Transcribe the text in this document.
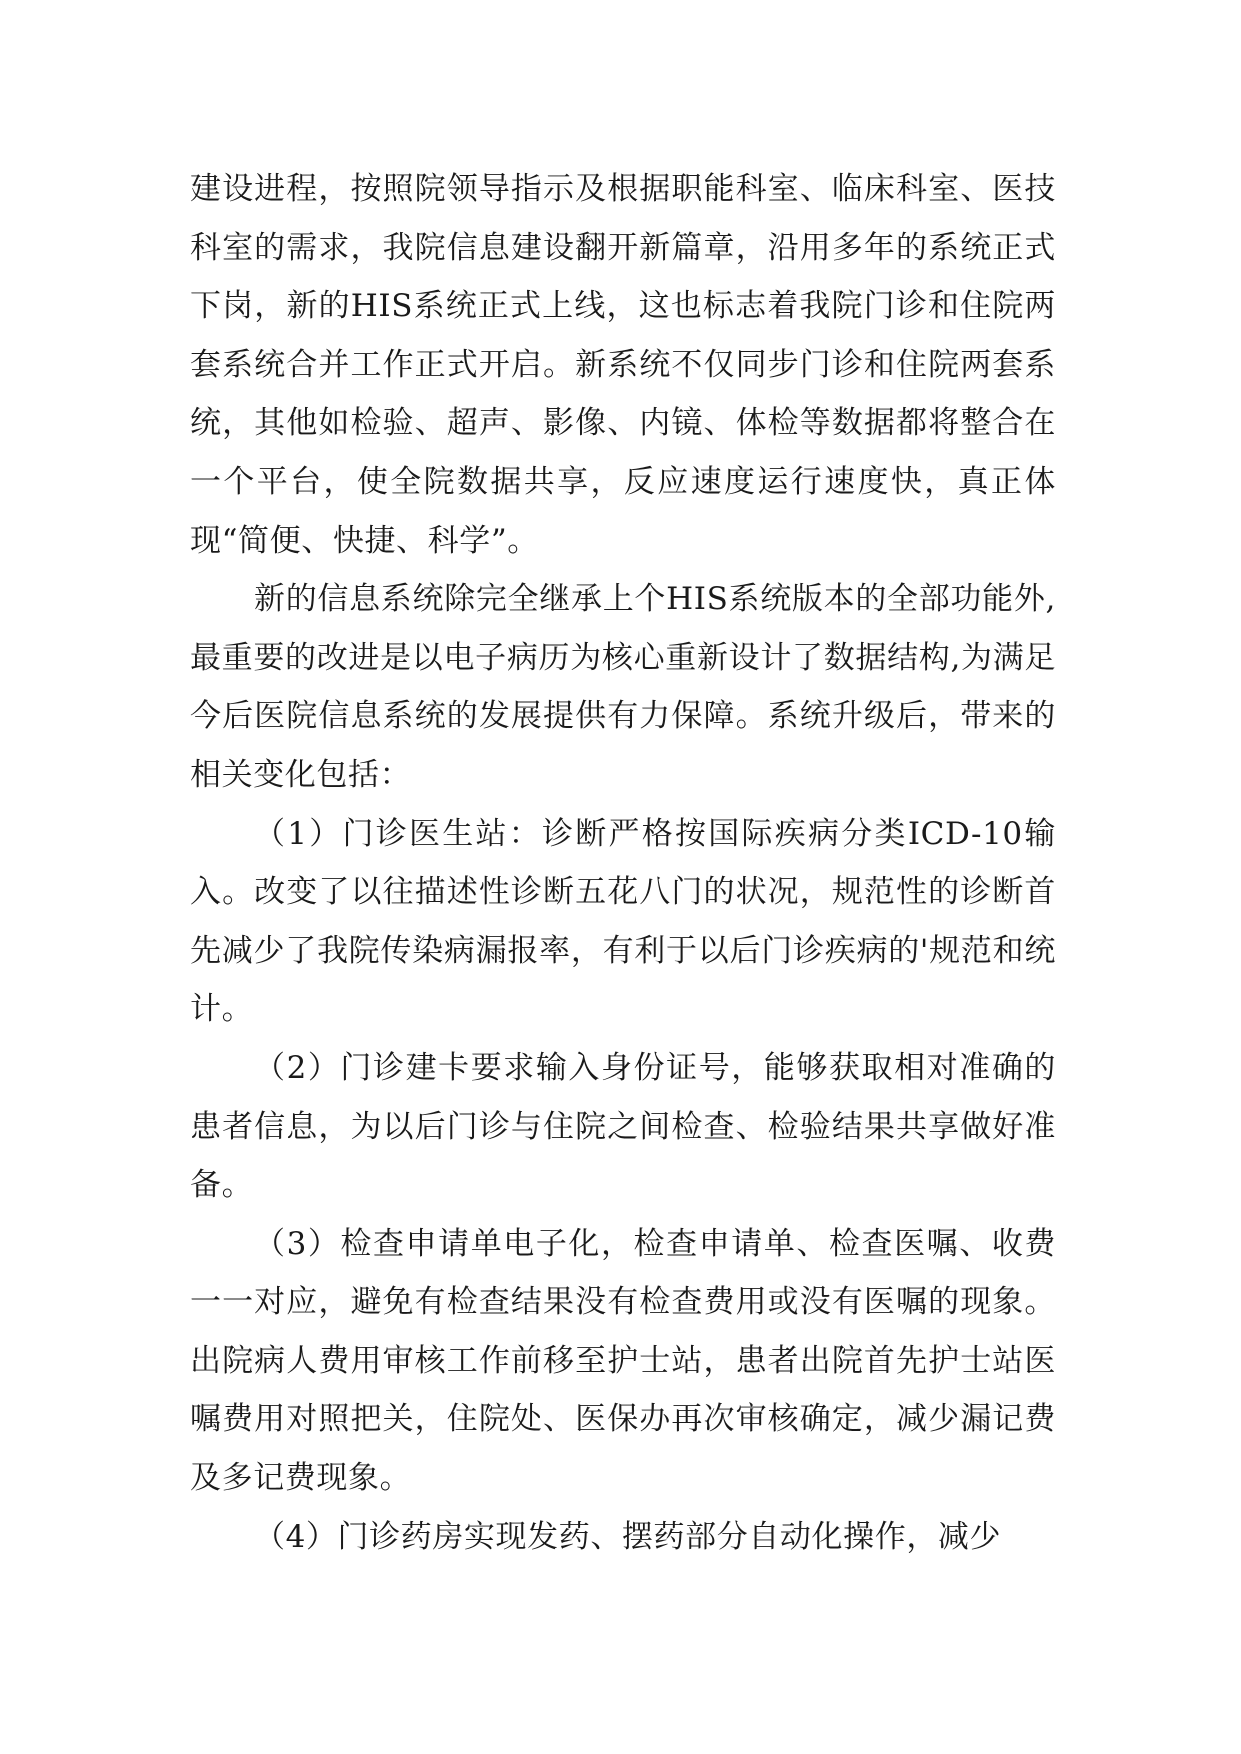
建设进程，按照院领导指示及根据职能科室、临床科室、医技科室的需求，我院信息建设翻开新篇章，沿用多年的系统正式下岗，新的HIS系统正式上线，这也标志着我院门诊和住院两套系统合并工作正式开启。新系统不仅同步门诊和住院两套系统，其他如检验、超声、影像、内镜、体检等数据都将整合在一个平台，使全院数据共享，反应速度运行速度快，真正体现“简便、快捷、科学”。

新的信息系统除完全继承上个HIS系统版本的全部功能外,最重要的改进是以电子病历为核心重新设计了数据结构,为满足今后医院信息系统的发展提供有力保障。系统升级后，带来的相关变化包括：

（1）门诊医生站：诊断严格按国际疾病分类ICD-10输入。改变了以往描述性诊断五花八门的状况，规范性的诊断首先减少了我院传染病漏报率，有利于以后门诊疾病的'规范和统计。

（2）门诊建卡要求输入身份证号，能够获取相对准确的患者信息，为以后门诊与住院之间检查、检验结果共享做好准备。

（3）检查申请单电子化，检查申请单、检查医嘱、收费一一对应，避免有检查结果没有检查费用或没有医嘱的现象。出院病人费用审核工作前移至护士站，患者出院首先护士站医嘱费用对照把关，住院处、医保办再次审核确定，减少漏记费及多记费现象。

（4）门诊药房实现发药、摆药部分自动化操作，减少
